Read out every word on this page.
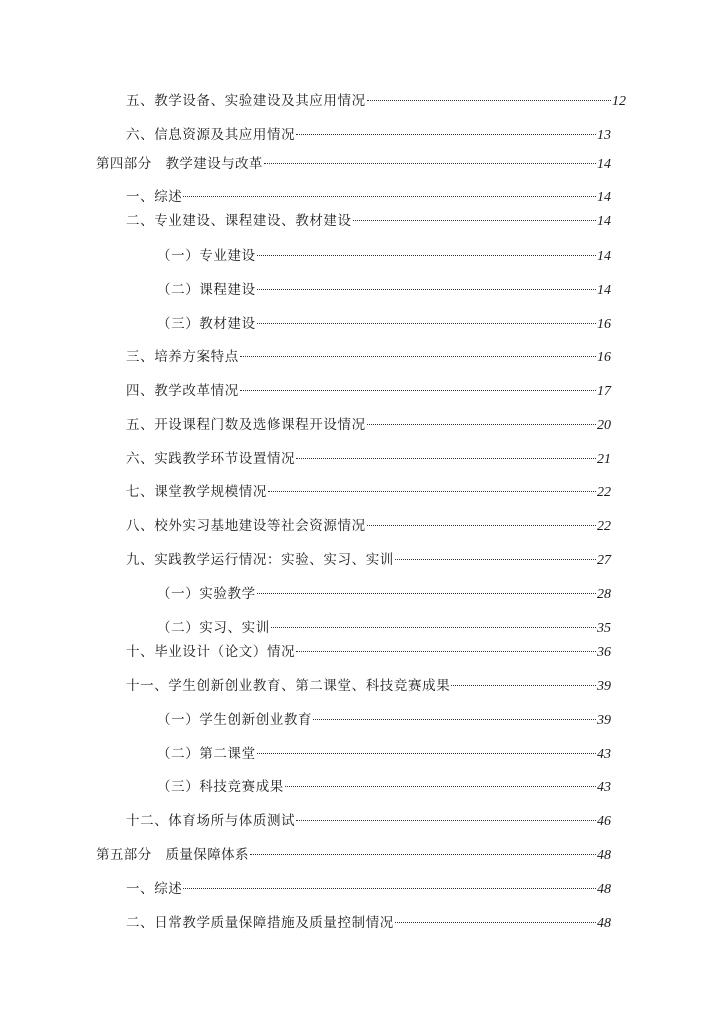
五、教学设备、实验建设及其应用情况	12
六、信息资源及其应用情况	13
第四部分　教学建设与改革	14
一、综述	14
二、专业建设、课程建设、教材建设	14
（一）专业建设	14
（二）课程建设	14
（三）教材建设	16
三、培养方案特点	16
四、教学改革情况	17
五、开设课程门数及选修课程开设情况	20
六、实践教学环节设置情况	21
七、课堂教学规模情况	22
八、校外实习基地建设等社会资源情况	22
九、实践教学运行情况：实验、实习、实训	27
（一）实验教学	28
（二）实习、实训	35
十、毕业设计（论文）情况	36
十一、学生创新创业教育、第二课堂、科技竞赛成果	39
（一）学生创新创业教育	39
（二）第二课堂	43
（三）科技竞赛成果	43
十二、体育场所与体质测试	46
第五部分　质量保障体系	48
一、综述	48
二、日常教学质量保障措施及质量控制情况	48
